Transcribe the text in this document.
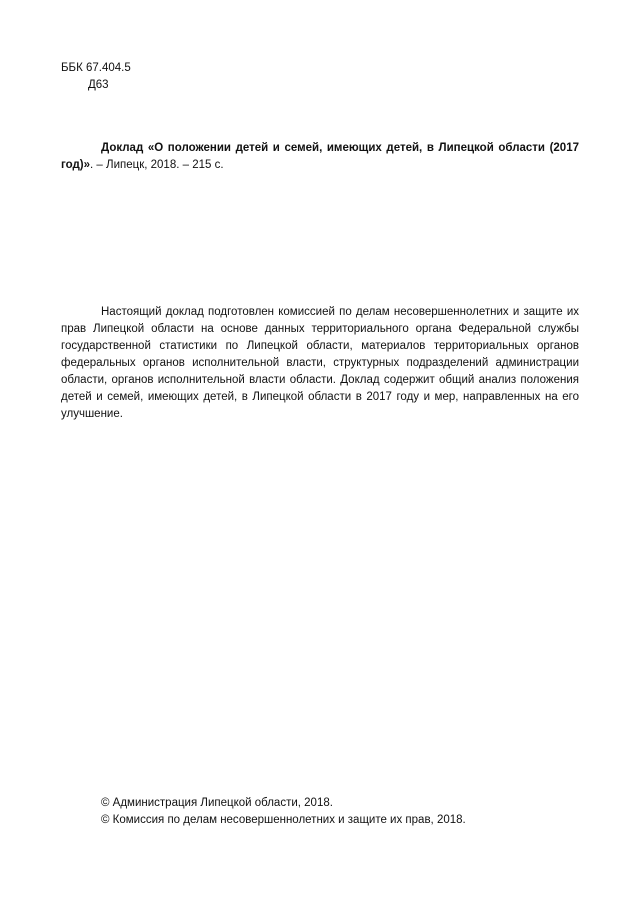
ББК 67.404.5
Д63
Доклад «О положении детей и семей, имеющих детей, в Липецкой области (2017 год)». – Липецк, 2018. – 215 с.
Настоящий доклад подготовлен комиссией по делам несовершеннолетних и защите их прав Липецкой области на основе данных территориального органа Федеральной службы государственной статистики по Липецкой области, материалов территориальных органов федеральных органов исполнительной власти, структурных подразделений администрации области, органов исполнительной власти области. Доклад содержит общий анализ положения детей и семей, имеющих детей, в Липецкой области в 2017 году и мер, направленных на его улучшение.
© Администрация Липецкой области, 2018.
© Комиссия по делам несовершеннолетних и защите их прав, 2018.
